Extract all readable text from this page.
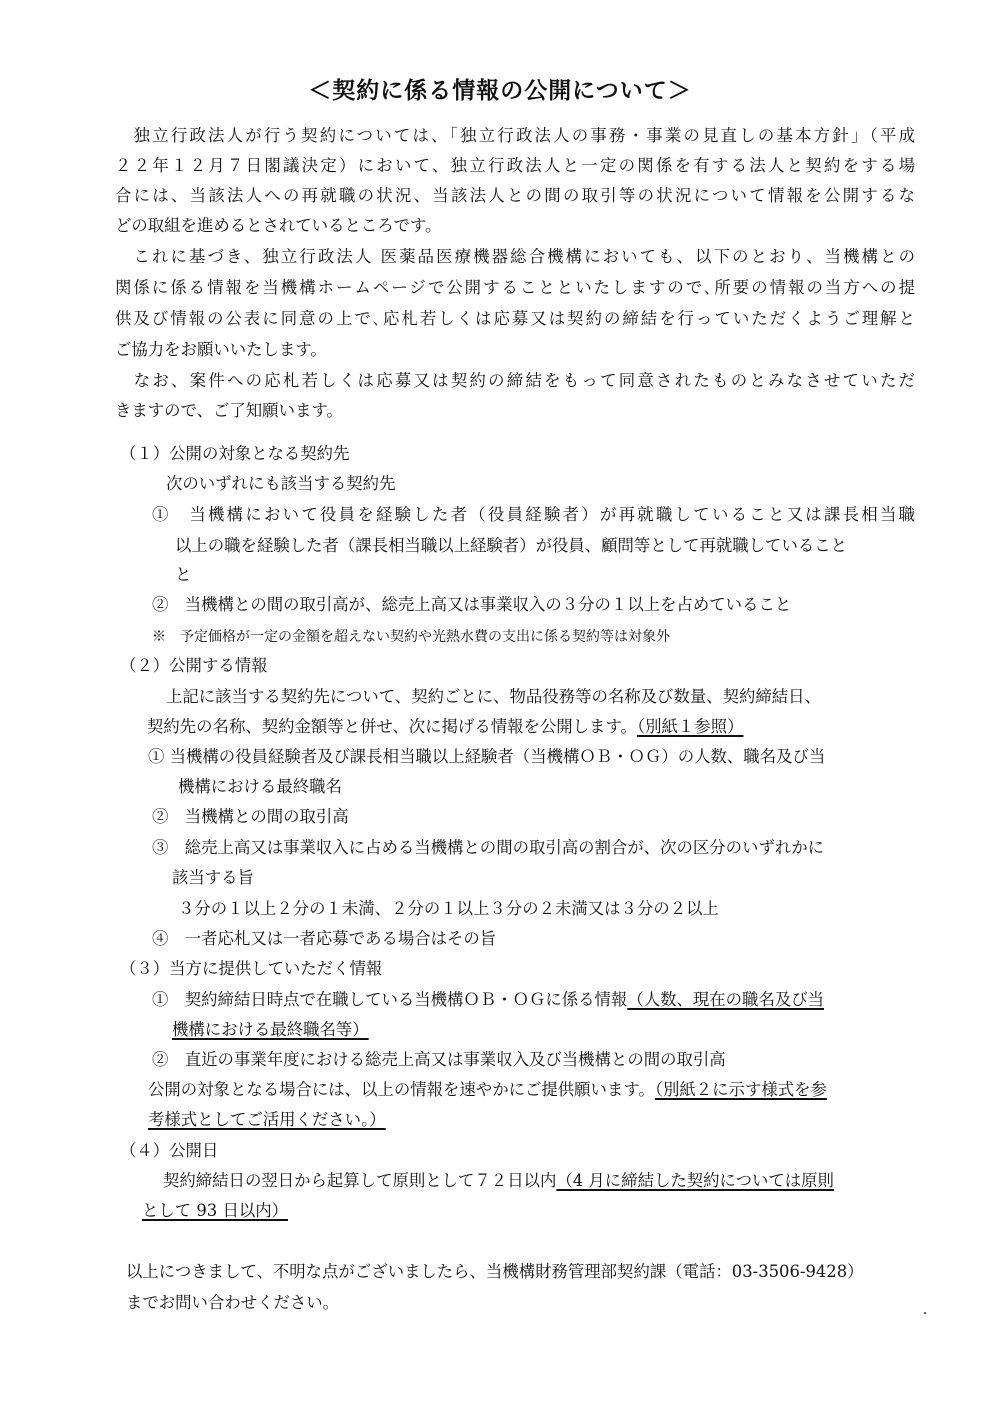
＜契約に係る情報の公開について＞
　独立行政法人が行う契約については、「独立行政法人の事務・事業の見直しの基本方針」（平成
２２年１２月７日閣議決定）において、独立行政法人と一定の関係を有する法人と契約をする場
合には、当該法人への再就職の状況、当該法人との間の取引等の状況について情報を公開するな
どの取組を進めるとされているところです。
　これに基づき、独立行政法人 医薬品医療機器総合機構においても、以下のとおり、当機構との
関係に係る情報を当機構ホームページで公開することといたしますので､所要の情報の当方への提
供及び情報の公表に同意の上で､応札若しくは応募又は契約の締結を行っていただくようご理解と
ご協力をお願いいたします。
　なお、案件への応札若しくは応募又は契約の締結をもって同意されたものとみなさせていただ
きますので、ご了知願います。
（１）公開の対象となる契約先
次のいずれにも該当する契約先
①　当機構において役員を経験した者（役員経験者）が再就職していること又は課長相当職
以上の職を経験した者（課長相当職以上経験者）が役員、顧問等として再就職していること
と
②　当機構との間の取引高が、総売上高又は事業収入の３分の１以上を占めていること
※　予定価格が一定の金額を超えない契約や光熱水費の支出に係る契約等は対象外
（２）公開する情報
上記に該当する契約先について、契約ごとに、物品役務等の名称及び数量、契約締結日、
契約先の名称、契約金額等と併せ、次に掲げる情報を公開します。（別紙１参照）
① 当機構の役員経験者及び課長相当職以上経験者（当機構ＯＢ・ＯＧ）の人数、職名及び当
機構における最終職名
②　当機構との間の取引高
③　総売上高又は事業収入に占める当機構との間の取引高の割合が、次の区分のいずれかに
該当する旨
３分の１以上２分の１未満、２分の１以上３分の２未満又は３分の２以上
④　一者応札又は一者応募である場合はその旨
（３）当方に提供していただく情報
①　契約締結日時点で在職している当機構ＯＢ・ＯＧに係る情報（人数、現在の職名及び当
機構における最終職名等）
②　直近の事業年度における総売上高又は事業収入及び当機構との間の取引高
公開の対象となる場合には、以上の情報を速やかにご提供願います。（別紙２に示す様式を参
考様式としてご活用ください。）
（４）公開日
契約締結日の翌日から起算して原則として７２日以内（4 月に締結した契約については原則
として 93 日以内）
以上につきまして、不明な点がございましたら、当機構財務管理部契約課（電話：03-3506-9428）
までお問い合わせください。
